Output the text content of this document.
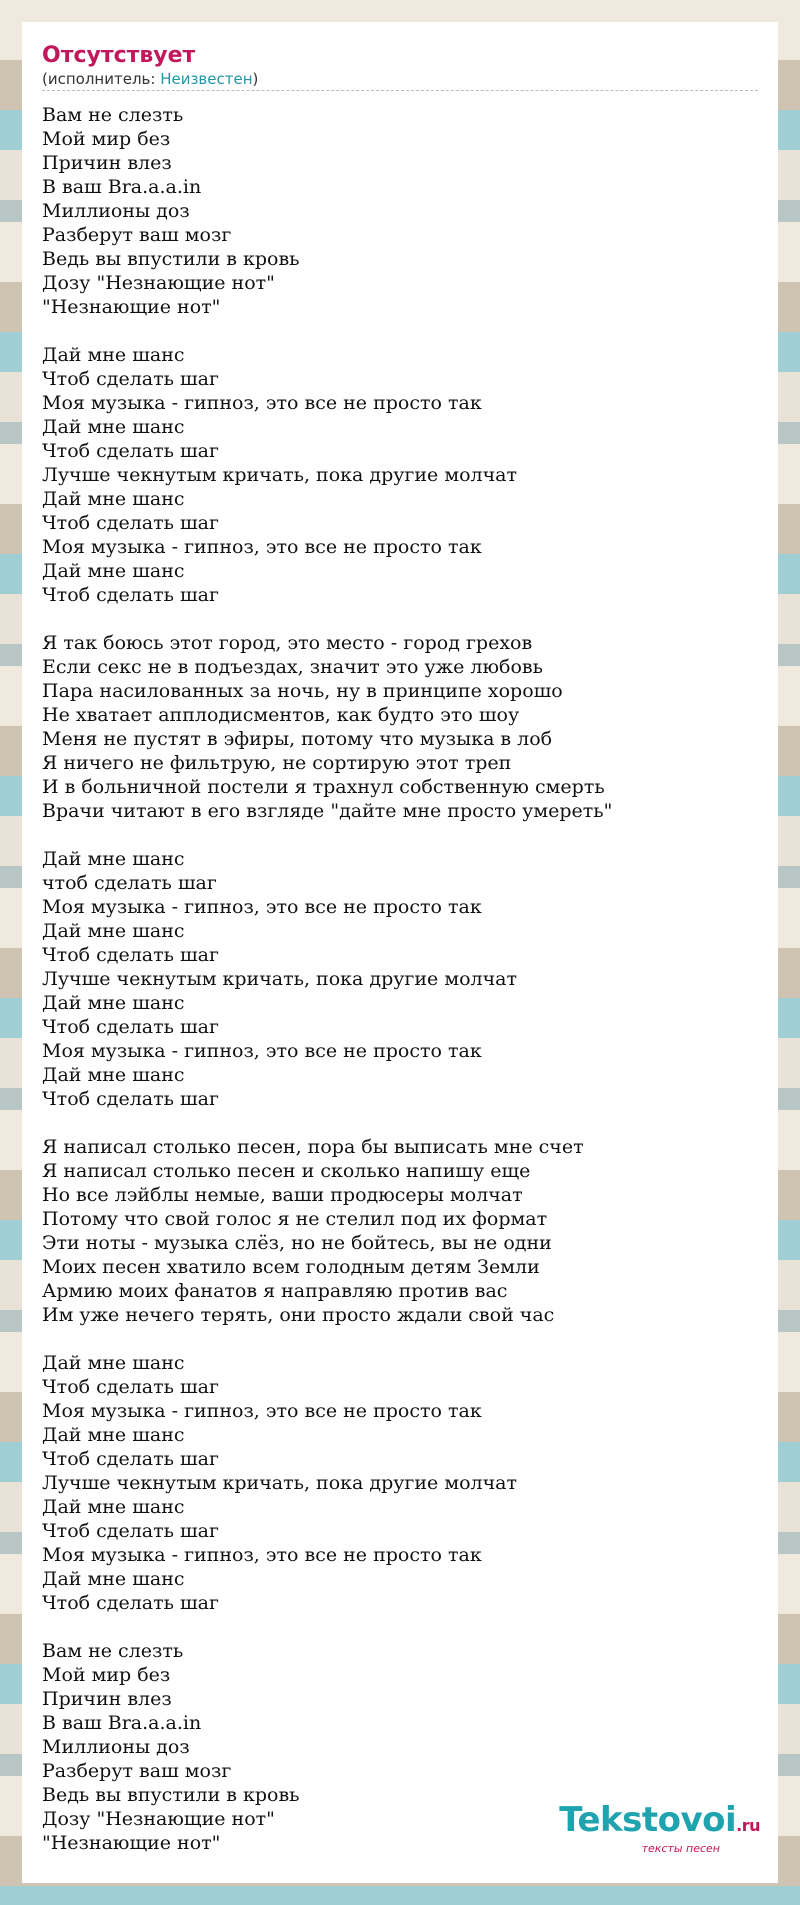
Отсутствует
(исполнитель: Неизвестен)
Вам не слезть
Мой мир без
Причин влез
В ваш Bra.a.a.in
Миллионы доз
Разберут ваш мозг
Ведь вы впустили в кровь
Дозу "Незнающие нот"
"Незнающие нот"
Дай мне шанс
Чтоб сделать шаг
Моя музыка - гипноз, это все не просто так
Дай мне шанс
Чтоб сделать шаг
Лучше чекнутым кричать, пока другие молчат
Дай мне шанс
Чтоб сделать шаг
Моя музыка - гипноз, это все не просто так
Дай мне шанс
Чтоб сделать шаг
Я так боюсь этот город, это место - город грехов
Если секс не в подъездах, значит это уже любовь
Пара насилованных за ночь, ну в принципе хорошо
Не хватает апплодисментов, как будто это шоу
Меня не пустят в эфиры, потому что музыка в лоб
Я ничего не фильтрую, не сортирую этот треп
И в больничной постели я трахнул собственную смерть
Врачи читают в его взгляде "дайте мне просто умереть"
Дай мне шанс
чтоб сделать шаг
Моя музыка - гипноз, это все не просто так
Дай мне шанс
Чтоб сделать шаг
Лучше чекнутым кричать, пока другие молчат
Дай мне шанс
Чтоб сделать шаг
Моя музыка - гипноз, это все не просто так
Дай мне шанс
Чтоб сделать шаг
Я написал столько песен, пора бы выписать мне счет
Я написал столько песен и сколько напишу еще
Но все лэйблы немые, ваши продюсеры молчат
Потому что свой голос я не стелил под их формат
Эти ноты - музыка слёз, но не бойтесь, вы не одни
Моих песен хватило всем голодным детям Земли
Армию моих фанатов я направляю против вас
Им уже нечего терять, они просто ждали свой час
Дай мне шанс
Чтоб сделать шаг
Моя музыка - гипноз, это все не просто так
Дай мне шанс
Чтоб сделать шаг
Лучше чекнутым кричать, пока другие молчат
Дай мне шанс
Чтоб сделать шаг
Моя музыка - гипноз, это все не просто так
Дай мне шанс
Чтоб сделать шаг
Вам не слезть
Мой мир без
Причин влез
В ваш Bra.a.a.in
Миллионы доз
Разберут ваш мозг
Ведь вы впустили в кровь
Дозу "Незнающие нот"
"Незнающие нот"
Tekstovoi.ru
тексты песен
